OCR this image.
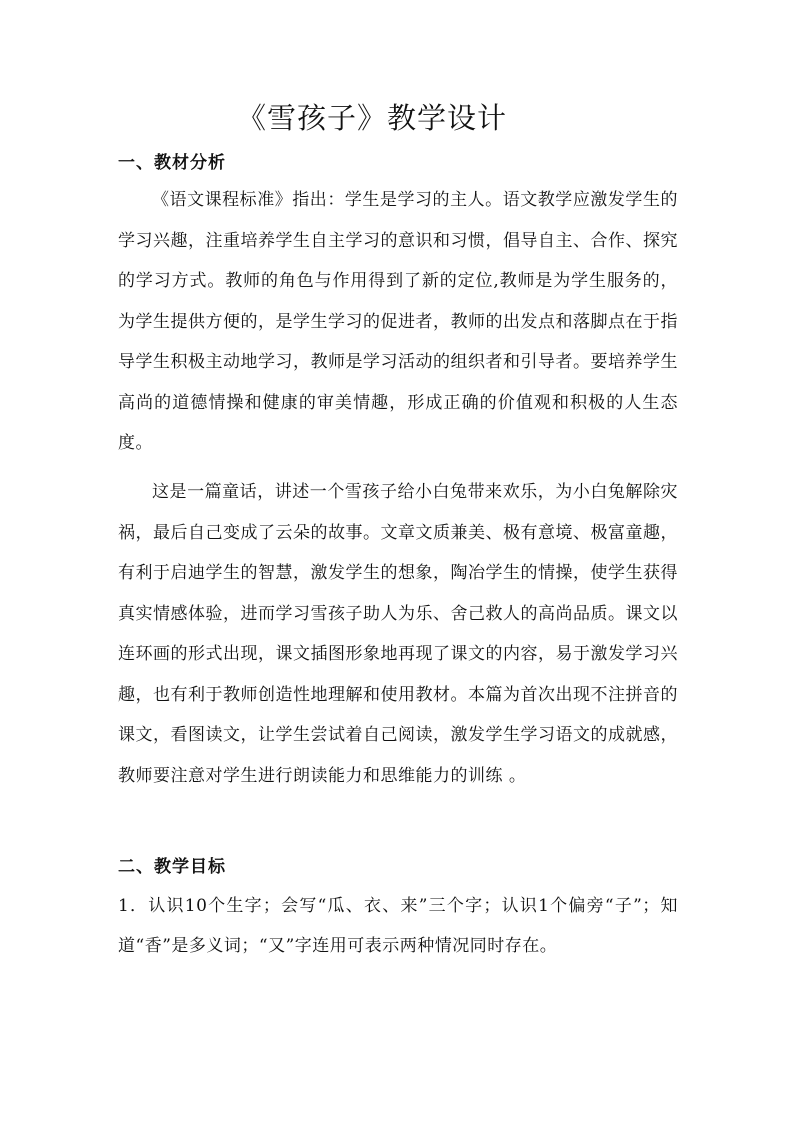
《雪孩子》教学设计
一、教材分析

《语文课程标准》指出：学生是学习的主人。语文教学应激发学生的学习兴趣，注重培养学生自主学习的意识和习惯，倡导自主、合作、探究的学习方式。教师的角色与作用得到了新的定位,教师是为学生服务的，为学生提供方便的，是学生学习的促进者，教师的出发点和落脚点在于指导学生积极主动地学习，教师是学习活动的组织者和引导者。要培养学生高尚的道德情操和健康的审美情趣，形成正确的价值观和积极的人生态度。

这是一篇童话，讲述一个雪孩子给小白兔带来欢乐，为小白兔解除灾祸，最后自己变成了云朵的故事。文章文质兼美、极有意境、极富童趣，有利于启迪学生的智慧，激发学生的想象，陶冶学生的情操，使学生获得真实情感体验，进而学习雪孩子助人为乐、舍己救人的高尚品质。课文以连环画的形式出现，课文插图形象地再现了课文的内容，易于激发学习兴趣，也有利于教师创造性地理解和使用教材。本篇为首次出现不注拼音的课文，看图读文，让学生尝试着自己阅读，激发学生学习语文的成就感，教师要注意对学生进行朗读能力和思维能力的训练 。

二、教学目标

1．认识10个生字；会写“瓜、衣、来”三个字；认识1个偏旁“子”；知道“香”是多义词；“又”字连用可表示两种情况同时存在。
